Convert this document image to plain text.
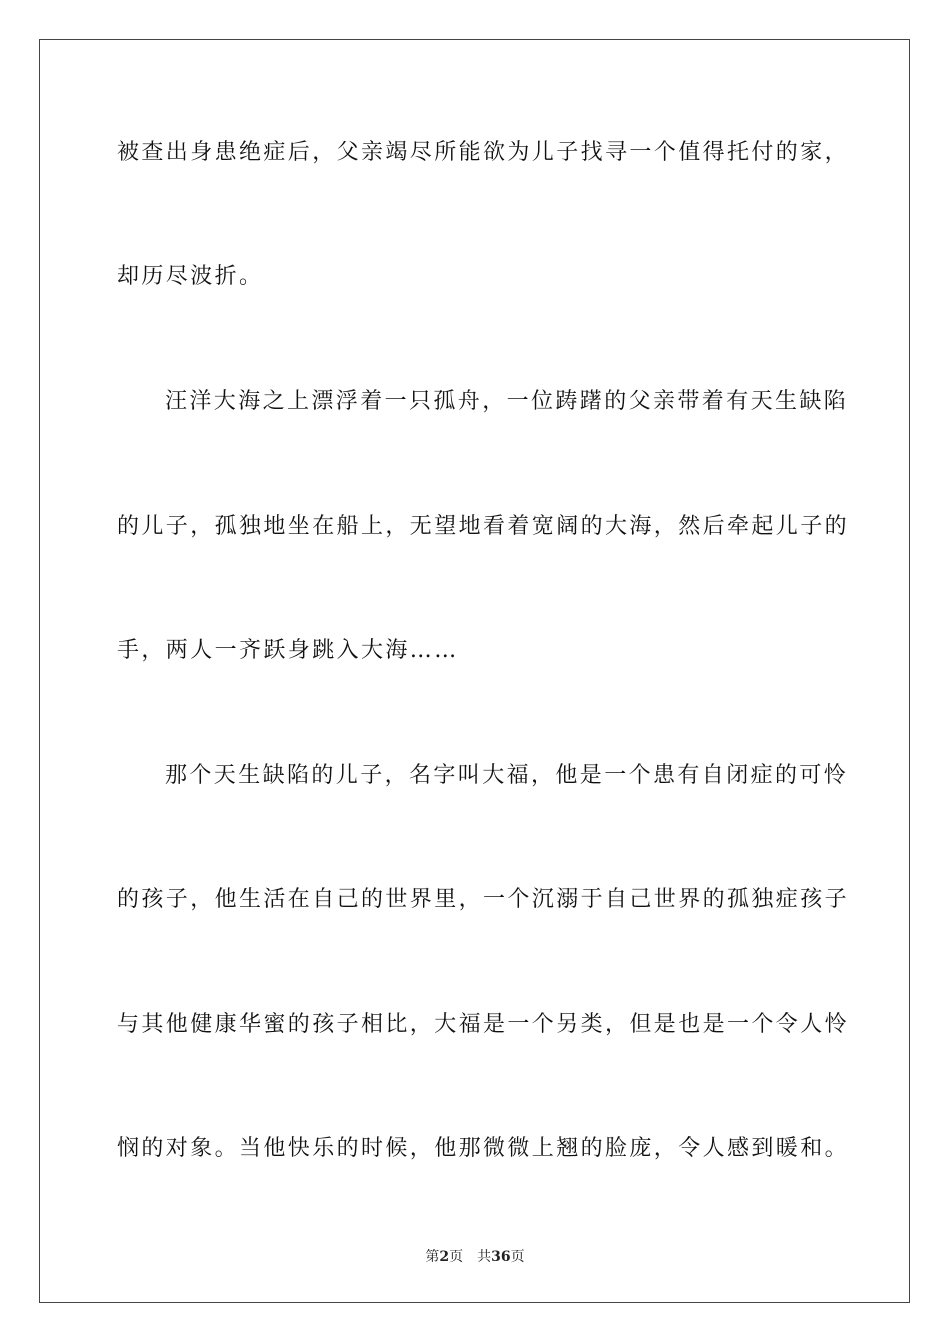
被查出身患绝症后，父亲竭尽所能欲为儿子找寻一个值得托付的家，
却历尽波折。
汪洋大海之上漂浮着一只孤舟，一位踌躇的父亲带着有天生缺陷
的儿子，孤独地坐在船上，无望地看着宽阔的大海，然后牵起儿子的
手，两人一齐跃身跳入大海……
那个天生缺陷的儿子，名字叫大福，他是一个患有自闭症的可怜
的孩子，他生活在自己的世界里，一个沉溺于自己世界的孤独症孩子
与其他健康华蜜的孩子相比，大福是一个另类，但是也是一个令人怜
悯的对象。当他快乐的时候，他那微微上翘的脸庞，令人感到暖和。
第2页 共36页
